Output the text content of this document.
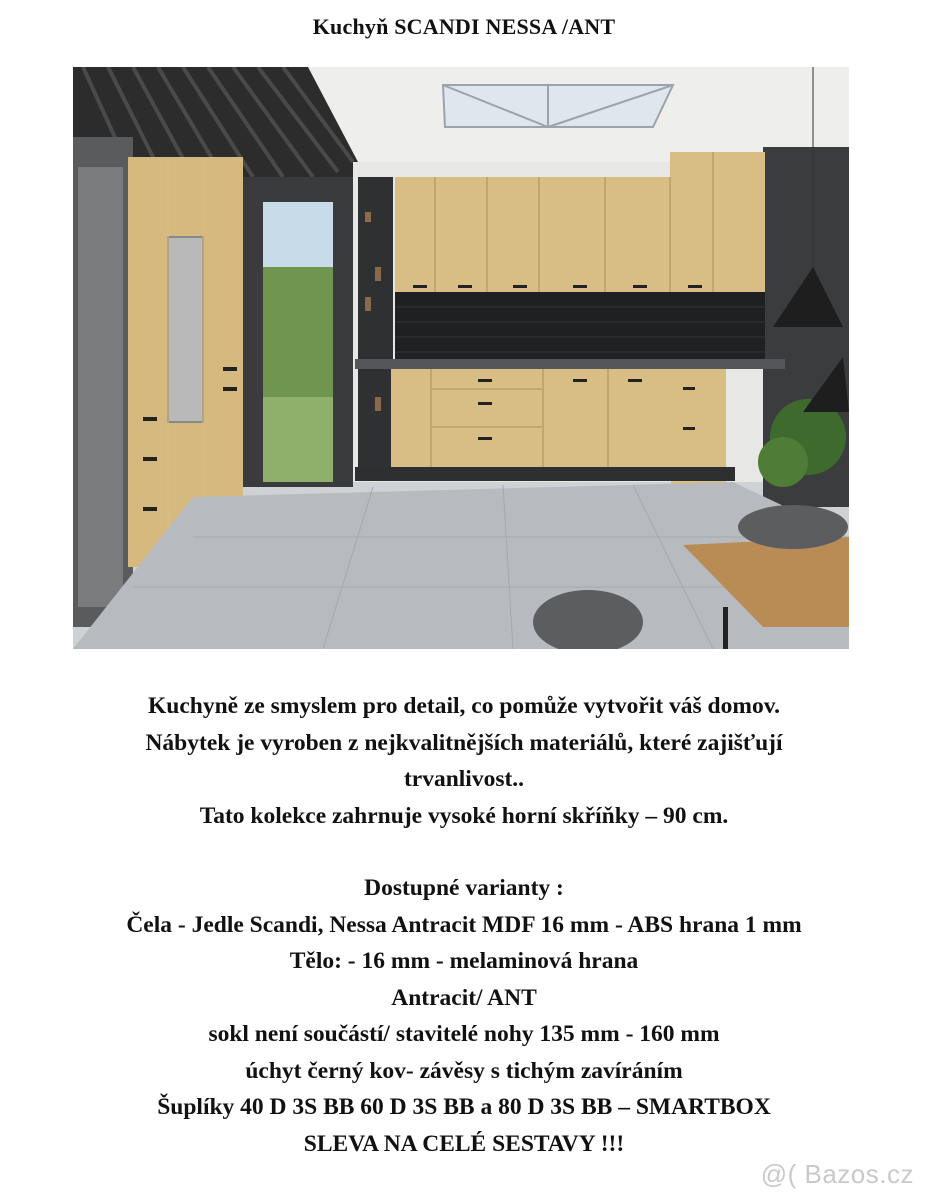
Kuchyň SCANDI NESSA /ANT

Kuchyně ze smyslem pro detail, co pomůže vytvořit váš domov.

Nábytek je vyroben z nejkvalitnějších materiálů, které zajišťují

trvanlivost..

Tato kolekce zahrnuje vysoké horní skříňky – 90 cm.

Dostupné varianty :

Čela - Jedle Scandi, Nessa Antracit MDF 16 mm - ABS hrana 1 mm

Tělo: - 16 mm - melaminová hrana

Antracit/ ANT

sokl není součástí/ stavitelé nohy 135 mm - 160 mm

úchyt černý kov- závěsy s tichým zavíráním

Šuplíky 40 D 3S BB 60 D 3S BB a 80 D 3S BB – SMARTBOX

SLEVA NA CELÉ SESTAVY !!!

@( Bazos.cz
